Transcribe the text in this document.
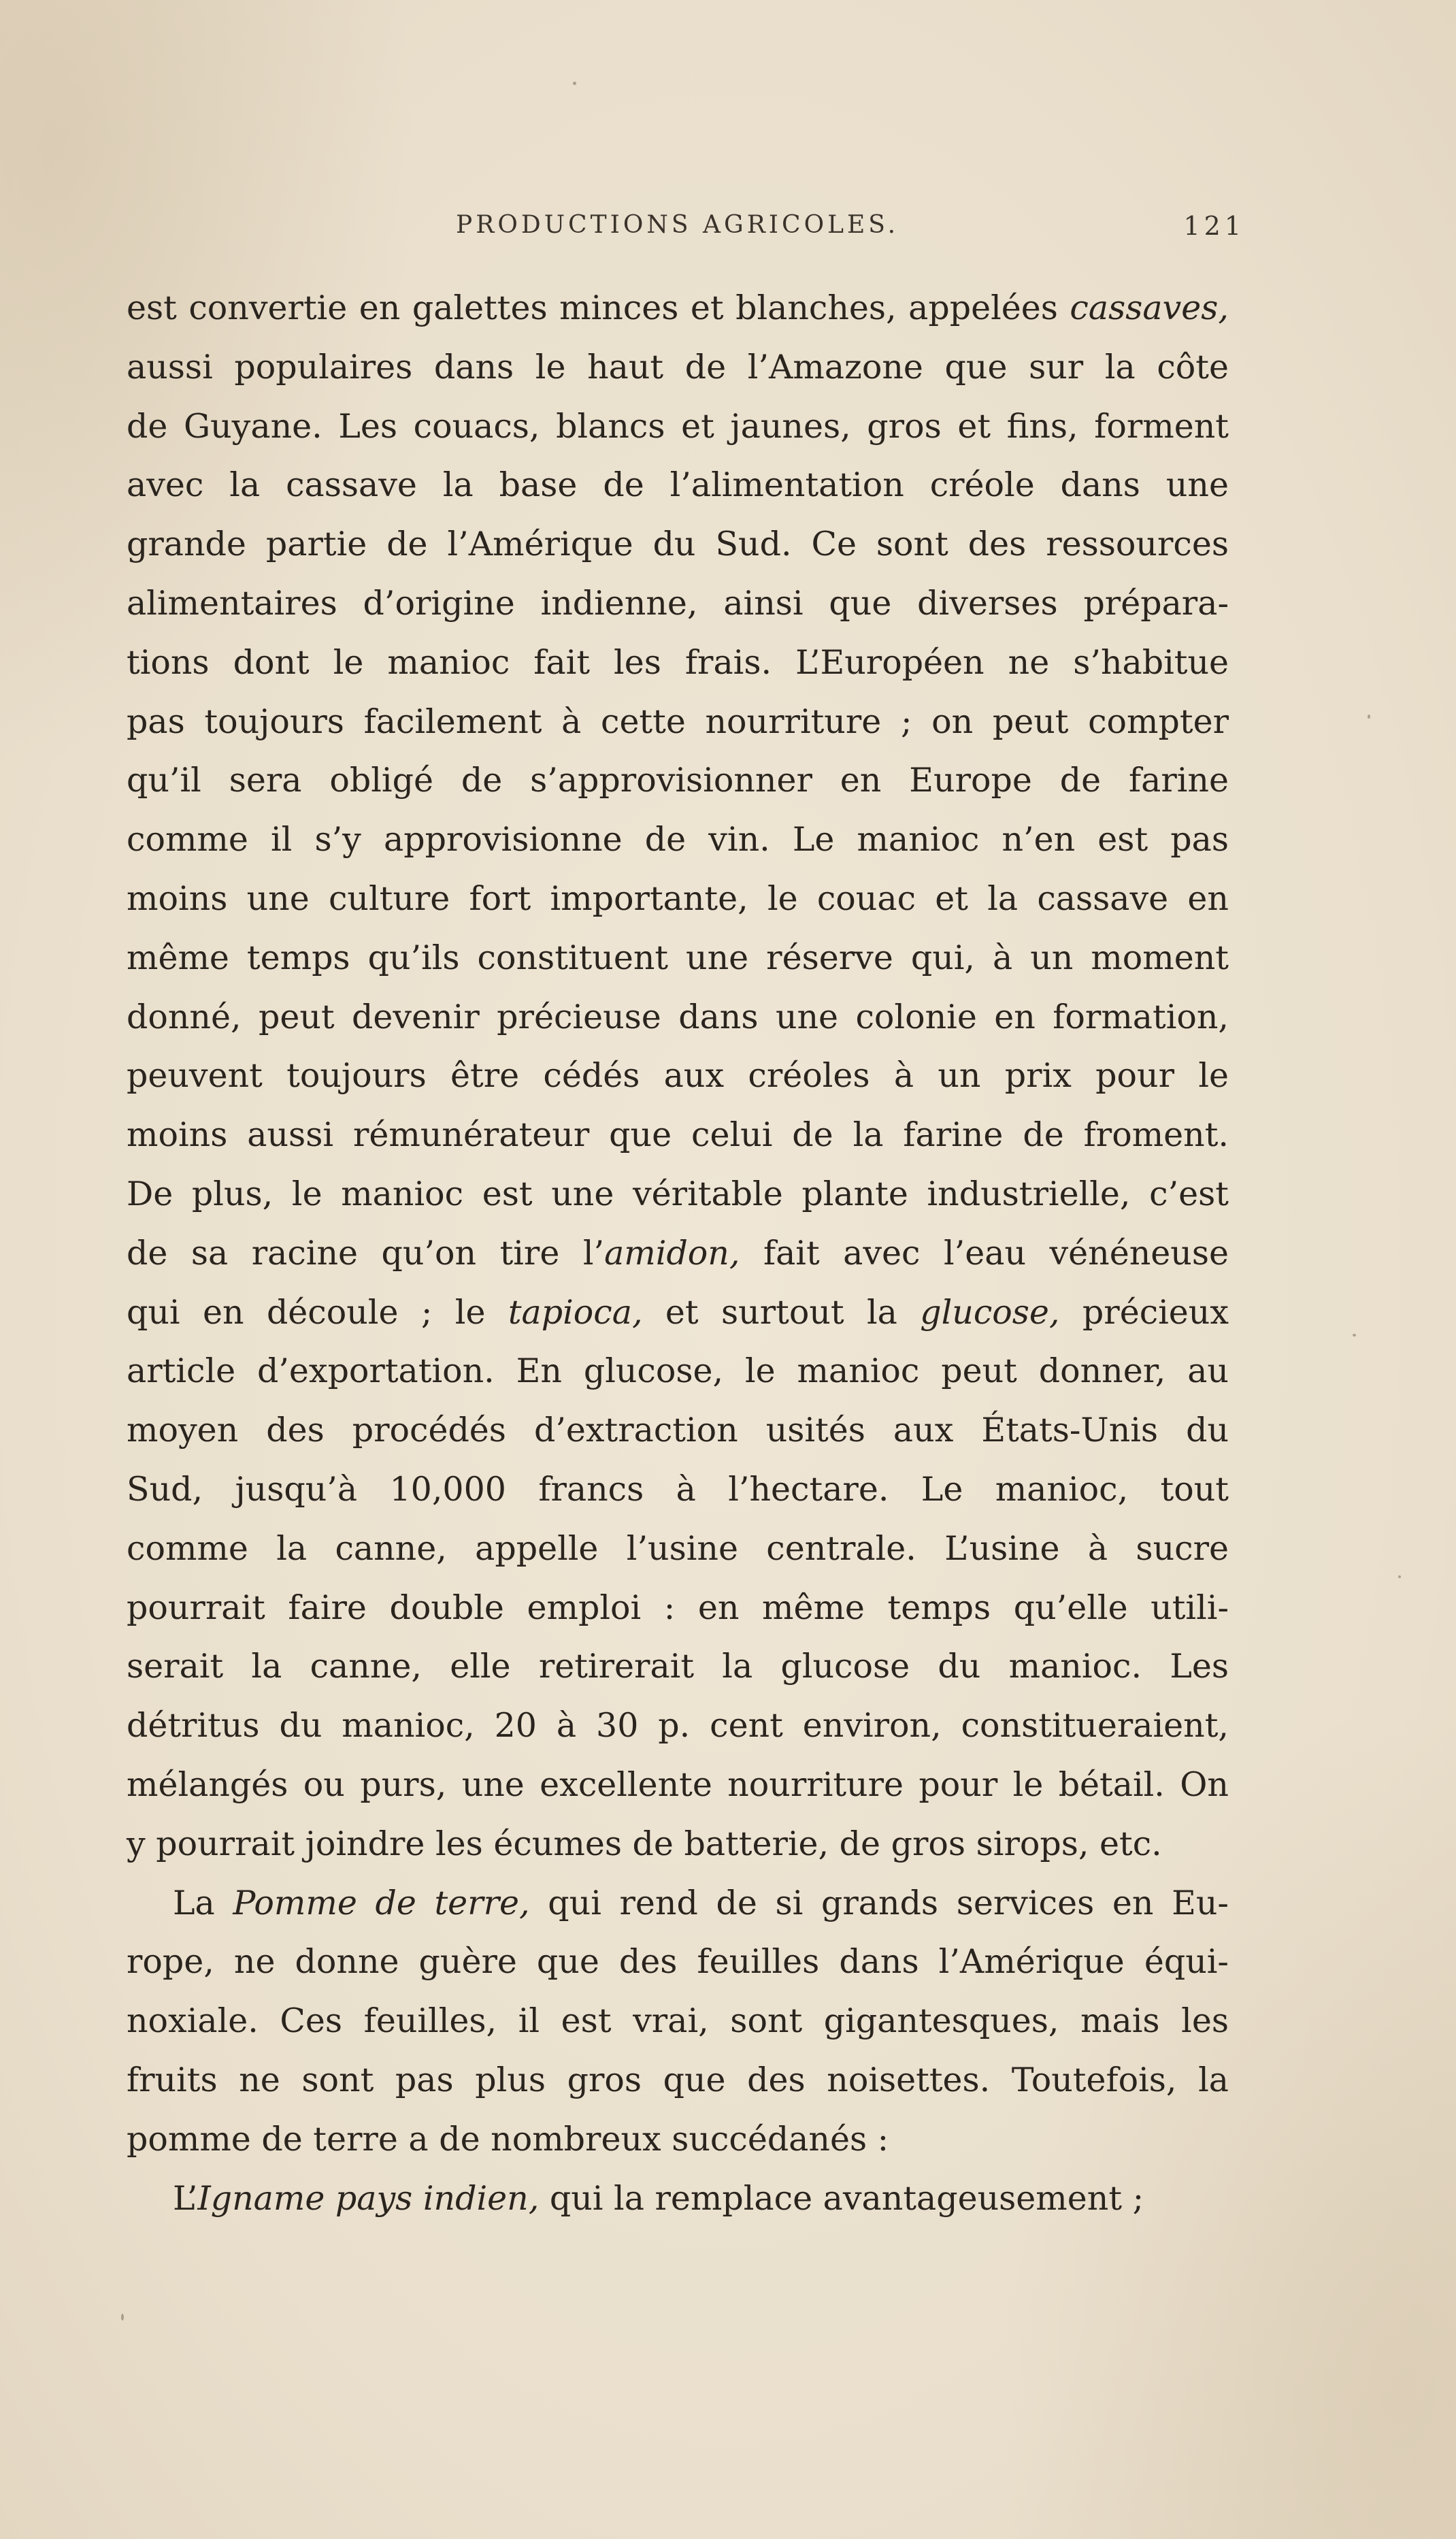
PRODUCTIONS AGRICOLES.	121
est convertie en galettes minces et blanches, appelées cassaves,
aussi populaires dans le haut de l’Amazone que sur la côte
de Guyane. Les couacs, blancs et jaunes, gros et fins, forment
avec la cassave la base de l’alimentation créole dans une
grande partie de l’Amérique du Sud. Ce sont des ressources
alimentaires d’origine indienne, ainsi que diverses prépara-
tions dont le manioc fait les frais. L’Européen ne s’habitue
pas toujours facilement à cette nourriture ; on peut compter
qu’il sera obligé de s’approvisionner en Europe de farine
comme il s’y approvisionne de vin. Le manioc n’en est pas
moins une culture fort importante, le couac et la cassave en
même temps qu’ils constituent une réserve qui, à un moment
donné, peut devenir précieuse dans une colonie en formation,
peuvent toujours être cédés aux créoles à un prix pour le
moins aussi rémunérateur que celui de la farine de froment.
De plus, le manioc est une véritable plante industrielle, c’est
de sa racine qu’on tire l’amidon, fait avec l’eau vénéneuse
qui en découle ; le tapioca, et surtout la glucose, précieux
article d’exportation. En glucose, le manioc peut donner, au
moyen des procédés d’extraction usités aux États-Unis du
Sud, jusqu’à 10,000 francs à l’hectare. Le manioc, tout
comme la canne, appelle l’usine centrale. L’usine à sucre
pourrait faire double emploi : en même temps qu’elle utili-
serait la canne, elle retirerait la glucose du manioc. Les
détritus du manioc, 20 à 30 p. cent environ, constitueraient,
mélangés ou purs, une excellente nourriture pour le bétail. On
y pourrait joindre les écumes de batterie, de gros sirops, etc.
La Pomme de terre, qui rend de si grands services en Eu-
rope, ne donne guère que des feuilles dans l’Amérique équi-
noxiale. Ces feuilles, il est vrai, sont gigantesques, mais les
fruits ne sont pas plus gros que des noisettes. Toutefois, la
pomme de terre a de nombreux succédanés :
L’Igname pays indien, qui la remplace avantageusement ;
